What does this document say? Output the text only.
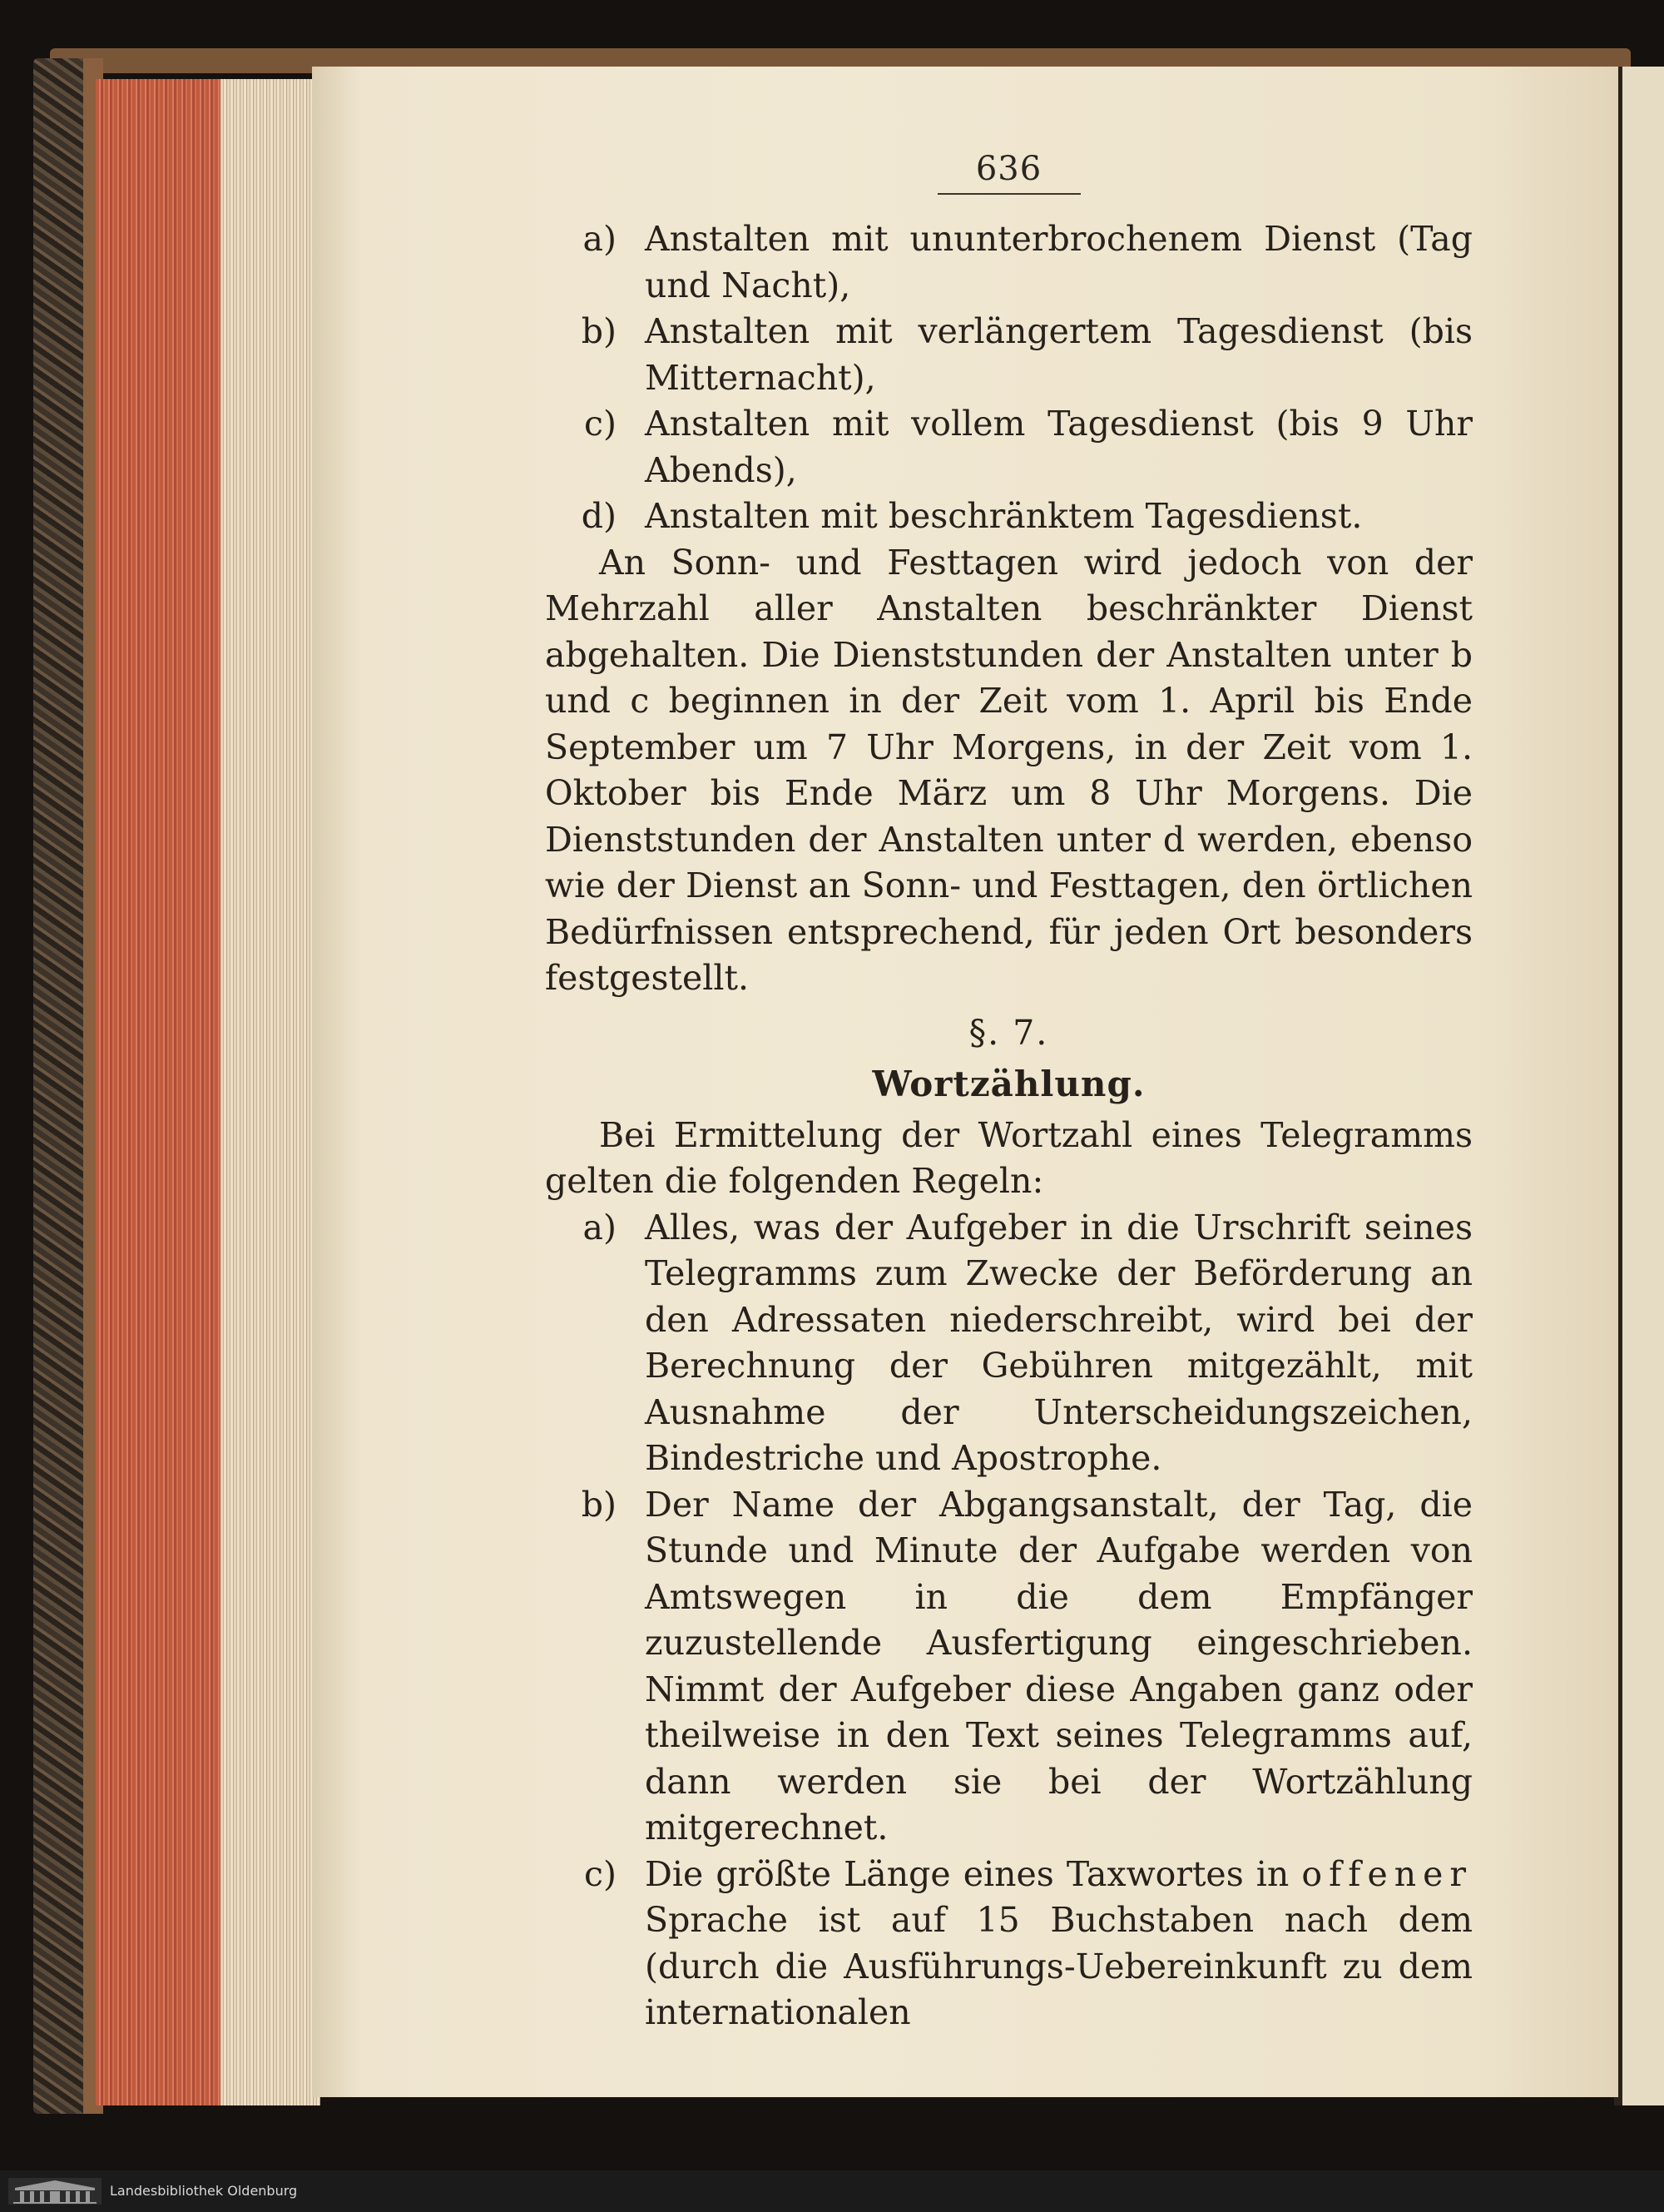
636
a) Anstalten mit ununterbrochenem Dienst (Tag und Nacht),
b) Anstalten mit verlängertem Tagesdienst (bis Mitternacht),
c) Anstalten mit vollem Tagesdienst (bis 9 Uhr Abends),
d) Anstalten mit beschränktem Tagesdienst.
An Sonn- und Festtagen wird jedoch von der Mehrzahl aller Anstalten beschränkter Dienst abgehalten. Die Dienststunden der Anstalten unter b und c beginnen in der Zeit vom 1. April bis Ende September um 7 Uhr Morgens, in der Zeit vom 1. Oktober bis Ende März um 8 Uhr Morgens. Die Dienststunden der Anstalten unter d werden, ebenso wie der Dienst an Sonn- und Festtagen, den örtlichen Bedürfnissen entsprechend, für jeden Ort besonders festgestellt.
§. 7.
Wortzählung.
Bei Ermittelung der Wortzahl eines Telegramms gelten die folgenden Regeln:
a) Alles, was der Aufgeber in die Urschrift seines Telegramms zum Zwecke der Beförderung an den Adressaten niederschreibt, wird bei der Berechnung der Gebühren mitgezählt, mit Ausnahme der Unterscheidungszeichen, Bindestriche und Apostrophe.
b) Der Name der Abgangsanstalt, der Tag, die Stunde und Minute der Aufgabe werden von Amtswegen in die dem Empfänger zuzustellende Ausfertigung eingeschrieben. Nimmt der Aufgeber diese Angaben ganz oder theilweise in den Text seines Telegramms auf, dann werden sie bei der Wortzählung mitgerechnet.
c) Die größte Länge eines Taxwortes in offener Sprache ist auf 15 Buchstaben nach dem (durch die Ausführungs-Uebereinkunft zu dem internationalen
Landesbibliothek Oldenburg
